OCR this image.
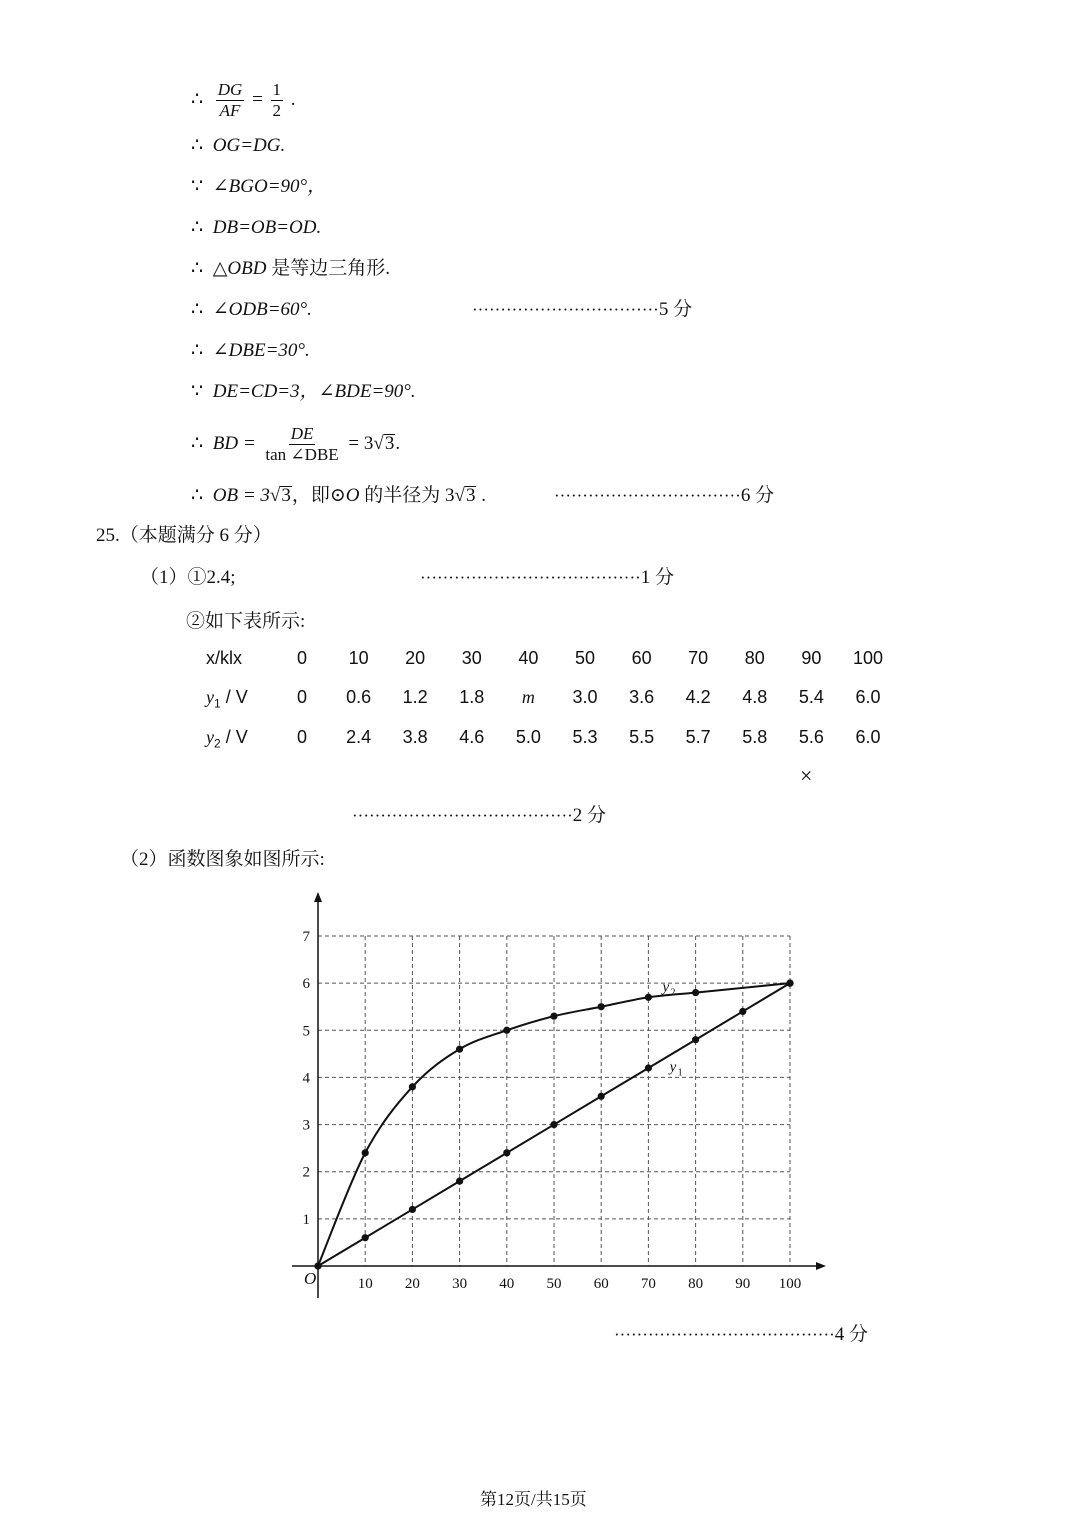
∴ $\frac{DG}{AF} = \frac{1}{2}$ .
∴ OG=DG.
∵ ∠BGO=90°，
∴ DB=OB=OD.
∴ △OBD 是等边三角形.
∴ ∠ODB=60°.	·································5 分
∴ ∠DBE=30°.
∵ DE=CD=3，∠BDE=90°.
∴ BD = $\frac{DE}{\text{tan ∠DBE}} = 3√3$.
∴ OB = 3√3，即⊙O 的半径为 3√3 .	·································6 分
25.（本题满分 6 分）
（1）①2.4;	·······································1 分
②如下表所示:
x/klx	0	10	20	30	40	50	60	70	80	90	100
$y_1$ / V	0	0.6	1.2	1.8	m	3.0	3.6	4.2	4.8	5.4	6.0
$y_2$ / V	0	2.4	3.8	4.6	5.0	5.3	5.5	5.7	5.8	5.6	6.0
×
·······································2 分
（2）函数图象如图所示:
10 20 30 40 50 60 70 80 90 100
1
2
3
4
5
6
7
O
y 2
y 1
·······································4 分
第12页/共15页
